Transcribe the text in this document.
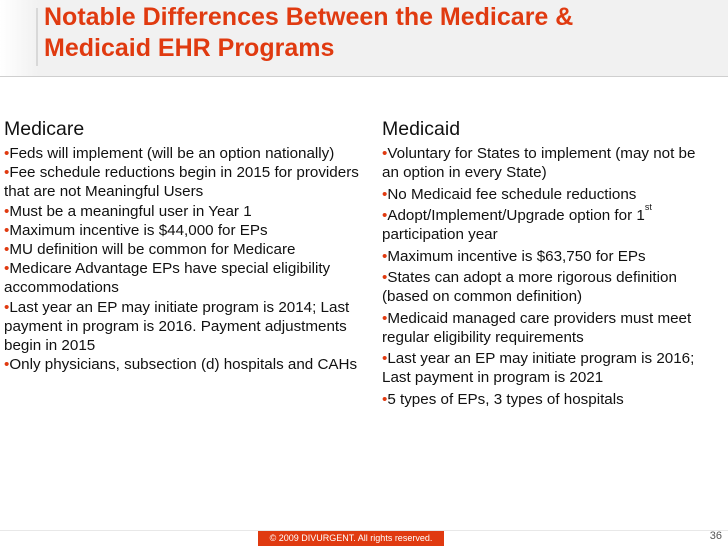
Notable Differences Between the Medicare &
Medicaid EHR Programs
Medicare
•Feds will implement (will be an option nationally)
•Fee schedule reductions begin in 2015 for providers that are not Meaningful Users
•Must be a meaningful user in Year 1
•Maximum incentive is $44,000 for EPs
•MU definition will be common for Medicare
•Medicare Advantage EPs have special eligibility accommodations
•Last year an EP may initiate program is 2014; Last payment in program is 2016. Payment adjustments begin in 2015
•Only physicians, subsection (d) hospitals and CAHs
Medicaid
•Voluntary for States to implement (may not be an option in every State)
•No Medicaid fee schedule reductions
•Adopt/Implement/Upgrade option for 1st participation year
•Maximum incentive is $63,750 for EPs
•States can adopt a more rigorous definition (based on common definition)
•Medicaid managed care providers must meet regular eligibility requirements
•Last year an EP may initiate program is 2016; Last payment in program is 2021
•5 types of EPs, 3 types of hospitals
© 2009 DIVURGENT. All rights reserved.	36
